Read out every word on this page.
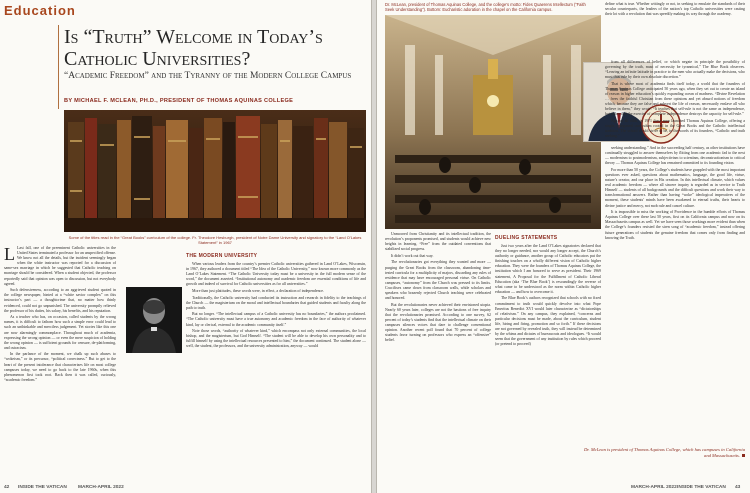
Education
Is “Truth” Welcome in Today’s Catholic Universities?
“Academic Freedom” and the Tyranny of the Modern College Campus
BY MICHAEL F. MCLEAN, PH.D., PRESIDENT OF THOMAS AQUINAS COLLEGE
Some of the titles read in the “Great Books” curriculum of the college. Fr. Theodore Hesburgh, president of Notre Dame University and signatory to the “Land O’Lakes Statement” in 1967

L Last fall, one of the preeminent Catholic universities in the United States terminated a professor for an unspecified offense. We know not all the details, but the incident seemingly began when the white instructor was reported for a discussion of same-sex marriage in which he suggested that Catholic teaching on marriage should be considered. When a student objected, the professor reportedly said that opinion was open to discussion, but not everybody agreed.

Such defensiveness, according to an aggrieved student quoted in the college newspaper, hinted at a “white savior complex” on this instructor’s part — a thoughtcrime that, no matter how thinly evidenced, could not go unpunished. The university promptly relieved the professor of his duties, his salary, his benefits, and his reputation.

As a teacher who has, on occasion, called students by the wrong names, it is difficult to fathom how such a simple error could lead to such an unthinkable and merciless judgement. Yet stories like this one are now alarmingly commonplace. Throughout much of academia, expressing the wrong opinion — or even the mere suspicion of holding the wrong opinion — is sufficient grounds for censure, de-platforming, and ostracism.

In the parlance of the moment, we chalk up such abuses to “wokeism,” or its precursor, “political correctness.” But to get to the heart of the present intolerance that characterizes life on most college campuses today, we need to go back to the late 1960s, when this phenomenon first took root. Back then it was called, curiously, “academic freedom.”

THE MODERN UNIVERSITY

When various leaders from the country’s premier Catholic universities gathered in Land O’Lakes, Wisconsin, in 1967, they authored a document titled “The Idea of the Catholic University,” now known more commonly as the Land O’Lakes Statement. “The Catholic University today must be a university in the full modern sense of the word,” the document asserted. “Institutional autonomy and academic freedom are essential conditions of life and growth and indeed of survival for Catholic universities as for all universities.”

More than just platitudes, these words were, in effect, a declaration of independence.

Traditionally, the Catholic university had conducted its instruction and research in fidelity to the teachings of the Church — the magisterium on the moral and intellectual boundaries that guided students and faculty along the path to truth.

But no longer. “The intellectual campus of a Catholic university has no boundaries,” the authors proclaimed. “The Catholic university must have a true autonomy and academic freedom in the face of authority of whatever kind, lay or clerical, external to the academic community itself.”

Note those words, “authority of whatever kind,” which encompass not only external communities, the local bishop, and the magisterium, but God Himself. “The student will be able to develop his own personality and to fulfill himself by using the intellectual resources presented to him,” the document continued. The student alone — well, the student, the professors, and the university administration, anyway — would

42 INSIDE THE VATICAN MARCH-APRIL 2022
Dr. McLean, president of Thomas Aquinas College, and the college’s motto: Fides Quaerens Intellectum (“Faith Seek Understanding”). Bottom: Eucharistic adoration in the chapel on the California campus.

define what is true. Whether wittingly or not, in seeking to emulate the standards of their secular counterparts, the leaders of the nation’s top Catholic universities were casting their lot with a revolution that was speedily making its way through the academy.

seeking understanding.” And in the succeeding half century, as other institutions have continually struggled to answer themselves by flitting from one academic fad to the next — modernism to postmodernism, subjectivism to scientism, deconstructionism to critical theory — Thomas Aquinas College has remained committed to its founding vision.

For more than 50 years, the College’s students have grappled with the most important questions ever asked, questions about mathematics, language, the good life, virtue, nature’s creator, and our place in His creation. In this intellectual climate, which values real academic freedom — where all sincere inquiry is regarded as in service to Truth Himself — students of all backgrounds and the difficult questions and work their way to transformational answers. Rather than having “woke” ideological imperatives of the moment, these students’ minds have been awakened to eternal truths, their hearts to divine justice and mercy, not mob rule and cancel culture.

It is impossible to miss the working of Providence in the humble efforts of Thomas Aquinas College over these last 50 years, first on its California campus and now on its Massachusetts campus as well. Yet we have seen those workings more evident than when the College’s founders resisted the siren song of “academic freedom,” instead offering future generations of students the genuine freedom that comes only from finding and knowing the Truth.

Unmoored from Christianity and its intellectual tradition, the revolution’s proponents promised, and students would achieve new heights in learning. “Free” from the outdated conventions that stabilized social progress.

It didn’t work out that way.

The revolutionaries got everything they wanted and more — purging the Great Books from the classroom, abandoning time-tested curricula for a multiplicity of majors, discarding any rules of residence that may have encouraged personal virtue. On Catholic campuses, “autonomy” from the Church was pressed to its limits. Crucifixes came down from classroom walls, while scholars and speakers who brazenly rejected Church teaching were celebrated and honored.

But the revolutionaries never achieved their envisioned utopia. Nearly 60 years later, colleges are not the bastions of free inquiry that the revolutionaries promised. According to one survey, 62 percent of today’s students find that the intellectual climate on their campuses silences voices that dare to challenge conventional opinion. Another recent poll found that 70 percent of college students favor turning on professors who express an “offensive” belief.

DUELING STATEMENTS

Just two years after the Land O’Lakes signatories declared that they no longer needed, nor would any longer accept, the Church’s authority or guidance, another group of Catholic educators put the finishing touches on a wholly different vision of Catholic higher education. They were the founders of Thomas Aquinas College, the institution which I am honored to serve as president. Their 1969 statement, A Proposal for the Fulfillment of Catholic Liberal Education (aka ‘The Blue Book’) is resoundingly the reverse of what came to be understood as the norm within Catholic higher education — and how to overcome it.

The Blue Book’s authors recognized that schools with no fixed commitment to truth would quickly devolve into what Pope Emeritus Benedict XVI would later characterize as “dictatorships of relativism.” On any campus, they explained, “concerns and particular decisions must be made, about the curriculum, student life, hiring and firing, promotion and so forth.” If these decisions are not governed by revealed truth, they will instead be determined by the whims and dictates of bureaucrats and ideologues. “It would seem that the government of any institution by rules which proceed (or pretend to proceed)

from all differences of belief, or which negate in principle the possibility of governing by the truth, must of necessity be tyrannical,” The Blue Book observes. “Leaving an infinite latitude in practice to the men who actually make the decisions, who must thus rule by their own absolute discretion.”

That is where most of academia finds itself today, a world that the founders of Thomas Aquinas College anticipated 50 years ago, when they set out to create an island of reason in higher education’s quickly expanding ocean of madness. “Divine Revelation … frees the faithful Christian from these opinions and yet absurd notions of freedom which, because they are false and subvert the life of reason, necessarily enslave all who believe in them,” they wrote. “It teaches that self-rule is not the same as independence, but rather that the exercise of complete independence destroys the capacity for self-rule.”

Against all odds, in 1971 these men launched Thomas Aquinas College, offering a single, integrated curriculum rooted in the Great Books and the Catholic intellectual tradition. The school would strive to be, in the words of its founders, “Catholic and truth seeking.”

Dr. McLean is president of Thomas Aquinas College, which has campuses in California and Massachusetts.
MARCH-APRIL 2022 INSIDE THE VATICAN 43
